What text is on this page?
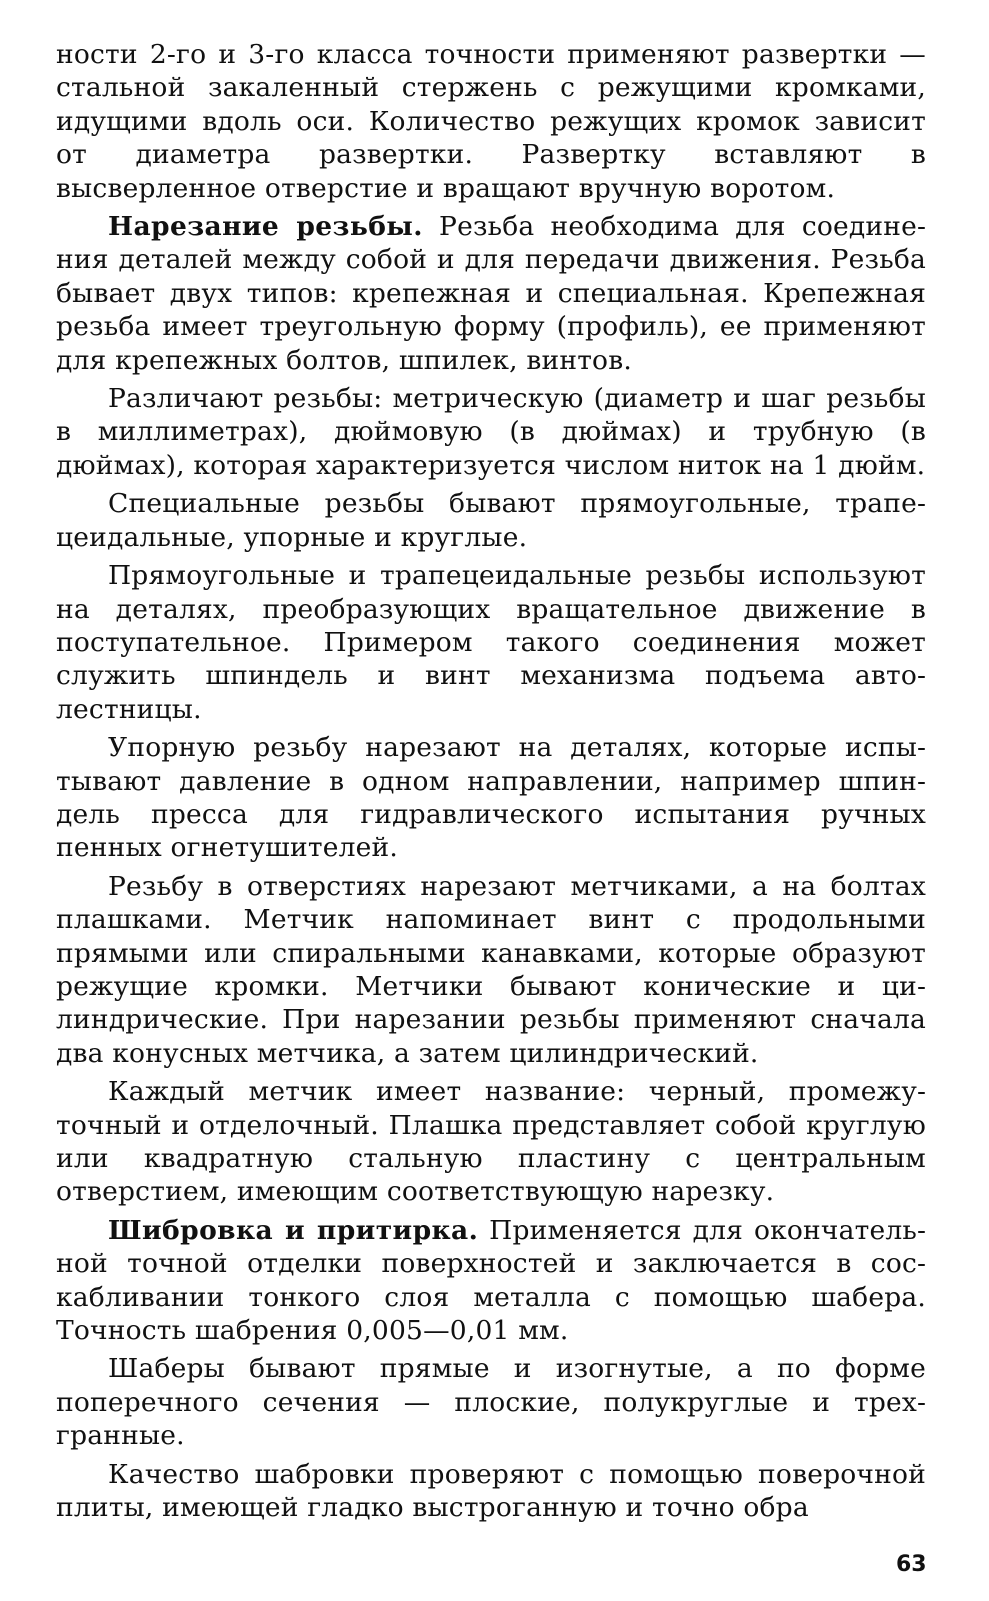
ности 2-го и 3-го класса точности применяют развертки —стальной закаленный стержень с режущими кромками, идущими вдоль оси. Количество режущих кромок зависит от диаметра развертки. Развертку вставляют в высверленное отверстие и вращают вручную воротом.

Нарезание резьбы. Резьба необходима для соединения деталей между собой и для передачи движения. Резьба бывает двух типов: крепежная и специальная. Крепежная резьба имеет треугольную форму (профиль), ее применяют для крепежных болтов, шпилек, винтов.

Различают резьбы: метрическую (диаметр и шаг резьбы в миллиметрах), дюймовую (в дюймах) и трубную (в дюймах), которая характеризуется числом ниток на 1 дюйм.

Специальные резьбы бывают прямоугольные, трапецеидальные, упорные и круглые.

Прямоугольные и трапецеидальные резьбы используют на деталях, преобразующих вращательное движение в поступательное. Примером такого соединения может служить шпиндель и винт механизма подъема автолестницы.

Упорную резьбу нарезают на деталях, которые испытывают давление в одном направлении, например шпиндель пресса для гидравлического испытания ручных пенных огнетушителей.

Резьбу в отверстиях нарезают метчиками, а на болтах плашками. Метчик напоминает винт с продольными прямыми или спиральными канавками, которые образуют режущие кромки. Метчики бывают конические и цилиндрические. При нарезании резьбы применяют сначала два конусных метчика, а затем цилиндрический.

Каждый метчик имеет название: черный, промежуточный и отделочный. Плашка представляет собой круглую или квадратную стальную пластину с центральным отверстием, имеющим соответствующую нарезку.

Шибровка и притирка. Применяется для окончательной точной отделки поверхностей и заключается в соскабливании тонкого слоя металла с помощью шабера. Точность шабрения 0,005—0,01 мм.

Шаберы бывают прямые и изогнутые, а по форме поперечного сечения — плоские, полукруглые и трехгранные.

Качество шабровки проверяют с помощью поверочной плиты, имеющей гладко выстроганную и точно обра

63
